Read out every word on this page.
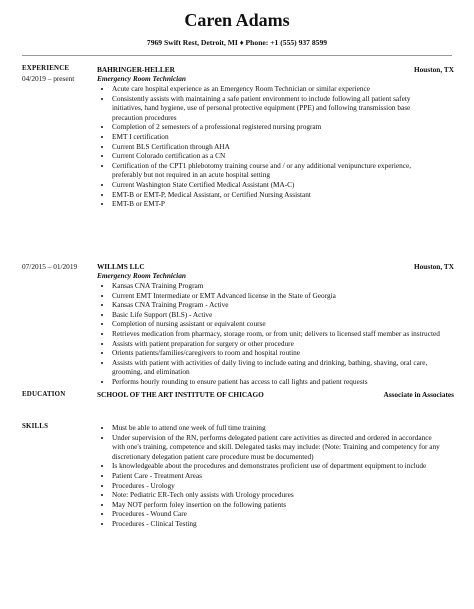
Caren Adams
7969 Swift Rest, Detroit, MI ♦ Phone: +1 (555) 937 8599
EXPERIENCE
04/2019 – present
BAHRINGER-HELLER	Houston, TX
Emergency Room Technician
• Acute care hospital experience as an Emergency Room Technician or similar experience
• Consistently assists with maintaining a safe patient environment to include following all patient safety initiatives, hand hygiene, use of personal protective equipment (PPE) and following transmission base precaution procedures
• Completion of 2 semesters of a professional registered nursing program
• EMT I certification
• Current BLS Certification through AHA
• Current Colorado certification as a CN
• Certification of the CPT1 phlebotomy training course and / or any additional venipuncture experience, preferably but not required in an acute hospital setting
• Current Washington State Certified Medical Assistant (MA-C)
• EMT-B or EMT-P, Medical Assistant, or Certified Nursing Assistant
• EMT-B or EMT-P
07/2015 – 01/2019	WILLMS LLC	Houston, TX
Emergency Room Technician
• Kansas CNA Training Program
• Current EMT Intermediate or EMT Advanced license in the State of Georgia
• Kansas CNA Training Program - Active
• Basic Life Support (BLS) - Active
• Completion of nursing assistant or equivalent course
• Retrieves medication from pharmacy, storage room, or from unit; delivers to licensed staff member as instructed
• Assists with patient preparation for surgery or other procedure
• Orients patients/families/caregivers to room and hospital routine
• Assists with patient with activities of daily living to include eating and drinking, bathing, shaving, oral care, grooming, and elimination
• Performs hourly rounding to ensure patient has access to call lights and patient requests
EDUCATION	SCHOOL OF THE ART INSTITUTE OF CHICAGO	Associate in Associates
SKILLS
•	Must be able to attend one week of full time training
• Under supervision of the RN, performs delegated patient care activities as directed and ordered in accordance with one's training, competence and skill. Delegated tasks may include: (Note: Training and competency for any discretionary delegation patient care procedure must be documented)
• Is knowledgeable about the procedures and demonstrates proficient use of department equipment to include
• Patient Care - Treatment Areas
• Procedures - Urology
• Note: Pediatric ER-Tech only assists with Urology procedures
• May NOT perform foley insertion on the following patients
• Procedures - Wound Care
• Procedures - Clinical Testing
